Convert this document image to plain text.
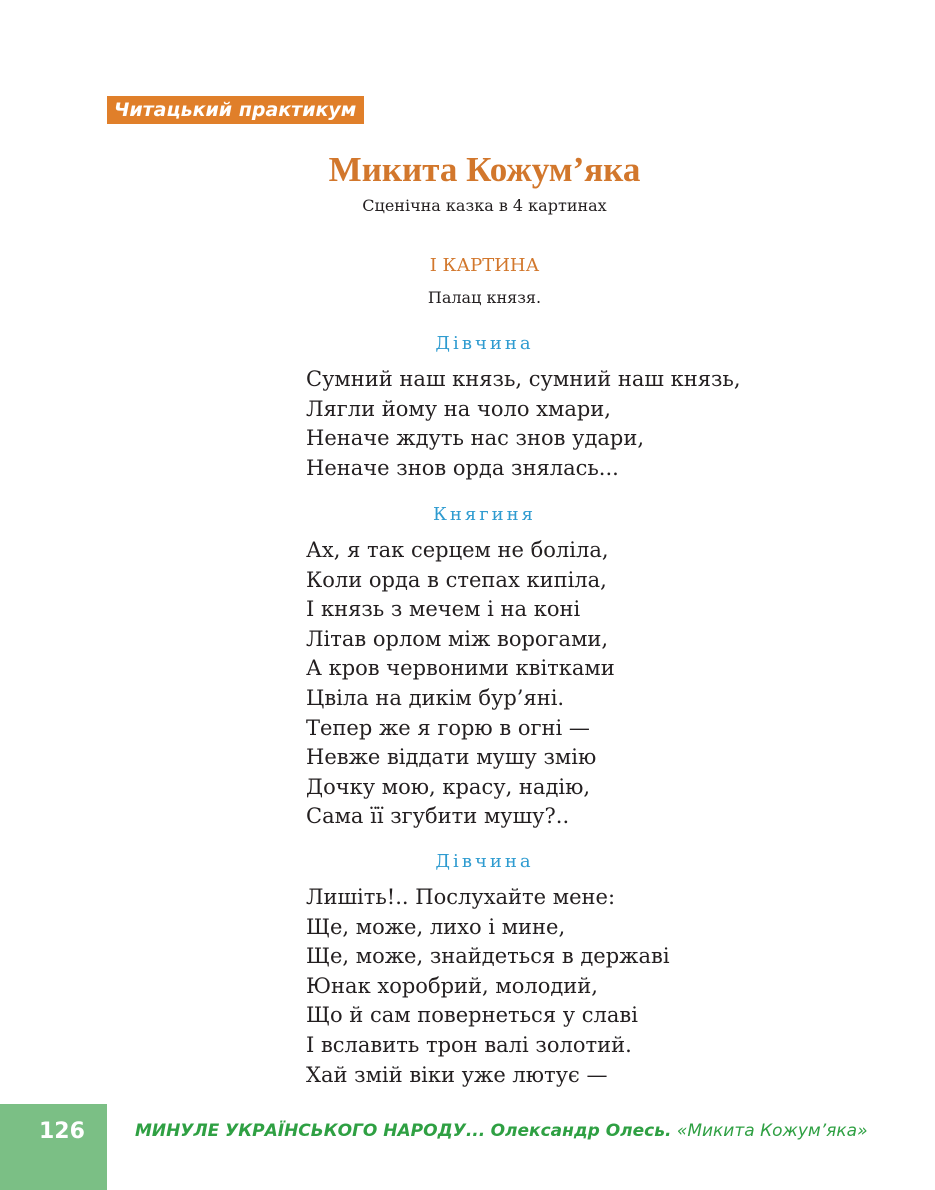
Читацький практикум
Микита Кожум’яка
Сценічна казка в 4 картинах
І КАРТИНА
Палац князя.
Дівчина
Сумний наш князь, сумний наш князь,
Лягли йому на чоло хмари,
Неначе ждуть нас знов удари,
Неначе знов орда знялась...
Княгиня
Ах, я так серцем не боліла,
Коли орда в степах кипіла,
І князь з мечем і на коні
Літав орлом між ворогами,
А кров червоними квітками
Цвіла на дикім бур’яні.
Тепер же я горю в огні —
Невже віддати мушу змію
Дочку мою, красу, надію,
Сама її згубити мушу?..
Дівчина
Лишіть!.. Послухайте мене:
Ще, може, лихо і мине,
Ще, може, знайдеться в державі
Юнак хоробрий, молодий,
Що й сам повернеться у славі
І вславить трон валі золотий.
Хай змій віки уже лютує —
126	МИНУЛЕ УКРАЇНСЬКОГО НАРОДУ... Олександр Олесь. «Микита Кожум’яка»
